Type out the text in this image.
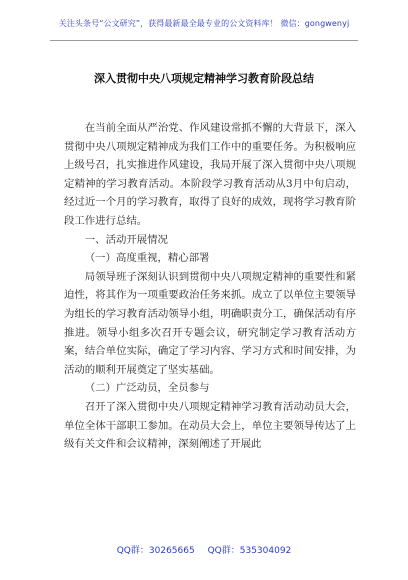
关注头条号“公文研究”，获得最新最全最专业的公文资料库！ 微信：gongwenyj
深入贯彻中央八项规定精神学习教育阶段总结

在当前全面从严治党、作风建设常抓不懈的大背景下，深入贯彻中央八项规定精神成为我们工作中的重要任务。为积极响应上级号召，扎实推进作风建设，我局开展了深入贯彻中央八项规定精神的学习教育活动。本阶段学习教育活动从3月中旬启动，经过近一个月的学习教育，取得了良好的成效，现将学习教育阶段工作进行总结。

一、活动开展情况

（一）高度重视，精心部署

局领导班子深刻认识到贯彻中央八项规定精神的重要性和紧迫性，将其作为一项重要政治任务来抓。成立了以单位主要领导为组长的学习教育活动领导小组，明确职责分工，确保活动有序推进。领导小组多次召开专题会议，研究制定学习教育活动方案，结合单位实际，确定了学习内容、学习方式和时间安排，为活动的顺利开展奠定了坚实基础。

（二）广泛动员，全员参与

召开了深入贯彻中央八项规定精神学习教育活动动员大会，单位全体干部职工参加。在动员大会上，单位主要领导传达了上级有关文件和会议精神，深刻阐述了开展此

QQ群：30265665 QQ群：535304092
